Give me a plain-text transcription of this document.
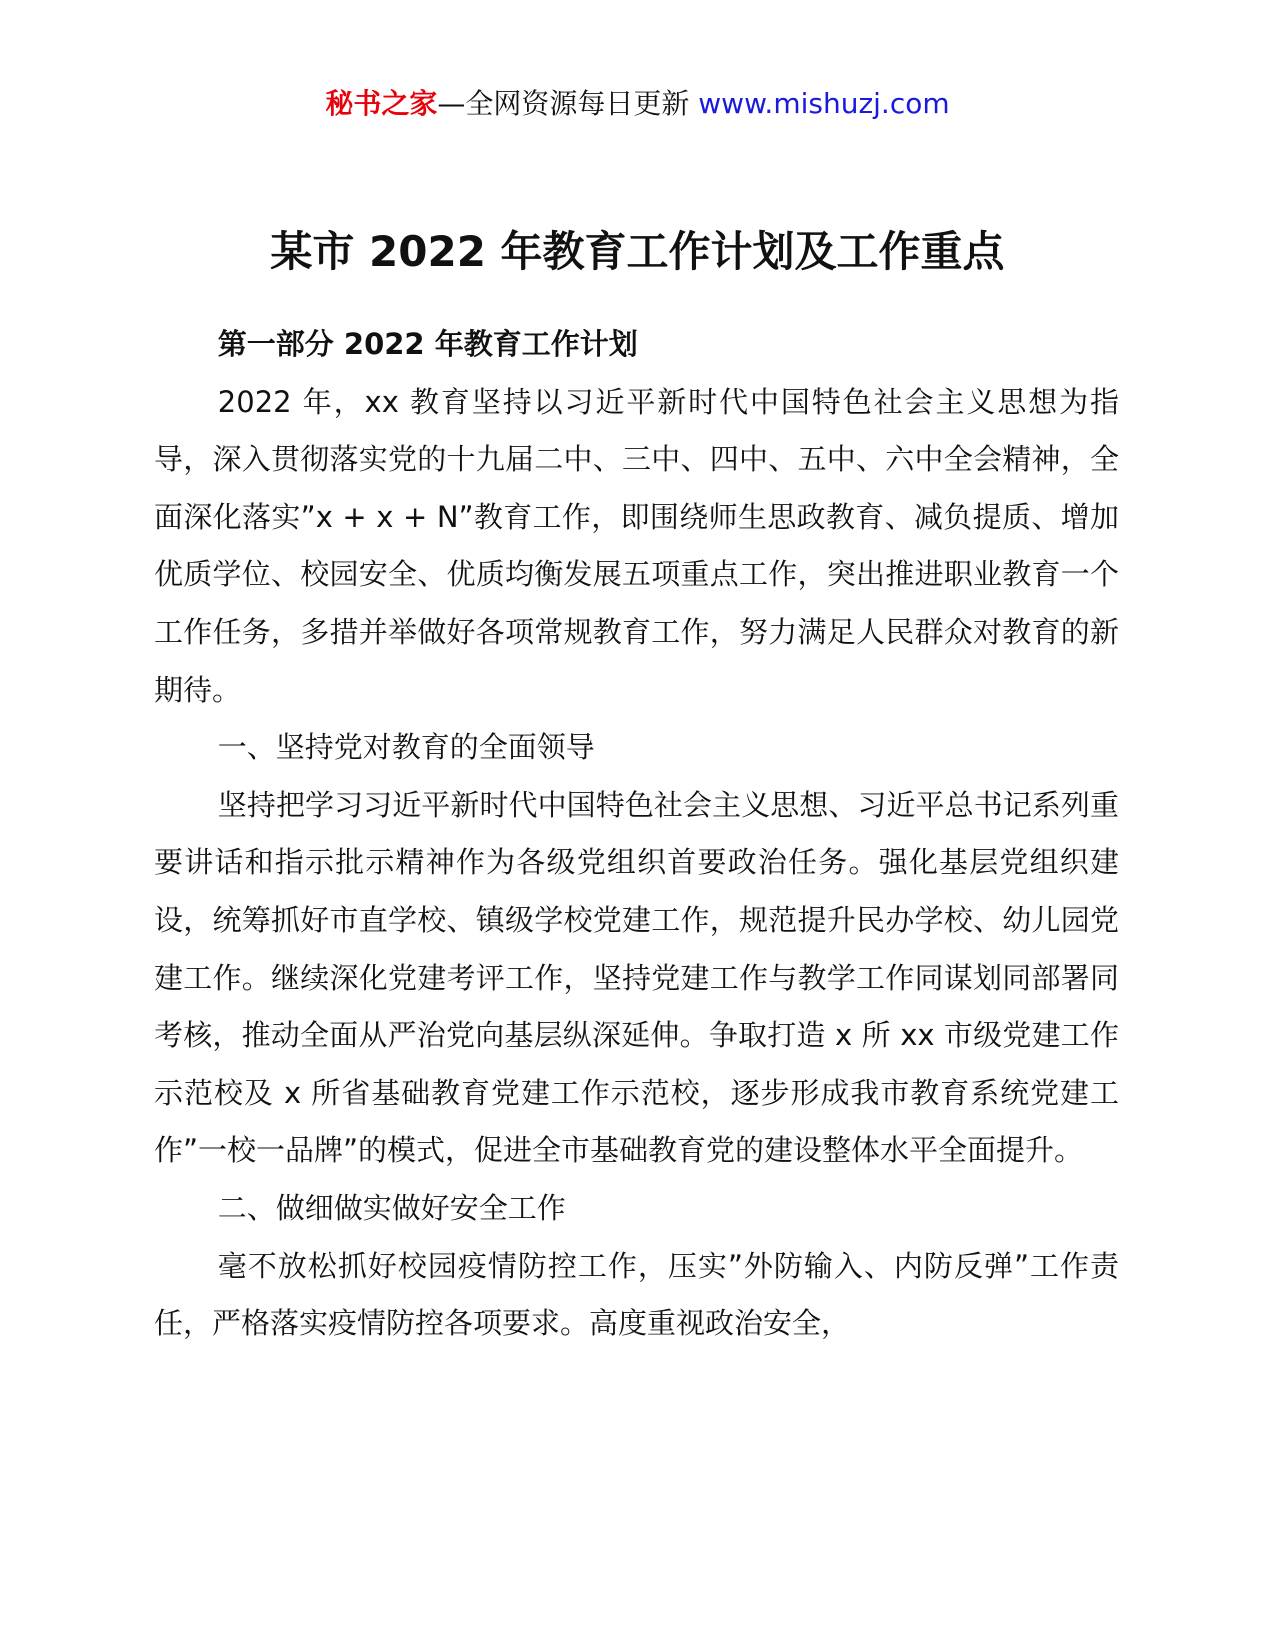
秘书之家—全网资源每日更新 www.mishuzj.com
某市 2022 年教育工作计划及工作重点

第一部分 2022 年教育工作计划

2022 年，xx 教育坚持以习近平新时代中国特色社会主义思想为指导，深入贯彻落实党的十九届二中、三中、四中、五中、六中全会精神，全面深化落实”x + x + N”教育工作，即围绕师生思政教育、减负提质、增加优质学位、校园安全、优质均衡发展五项重点工作，突出推进职业教育一个工作任务，多措并举做好各项常规教育工作，努力满足人民群众对教育的新期待。

一、坚持党对教育的全面领导

坚持把学习习近平新时代中国特色社会主义思想、习近平总书记系列重要讲话和指示批示精神作为各级党组织首要政治任务。强化基层党组织建设，统筹抓好市直学校、镇级学校党建工作，规范提升民办学校、幼儿园党建工作。继续深化党建考评工作，坚持党建工作与教学工作同谋划同部署同考核，推动全面从严治党向基层纵深延伸。争取打造 x 所 xx 市级党建工作示范校及 x 所省基础教育党建工作示范校，逐步形成我市教育系统党建工作”一校一品牌”的模式，促进全市基础教育党的建设整体水平全面提升。

二、做细做实做好安全工作

毫不放松抓好校园疫情防控工作，压实”外防输入、内防反弹”工作责任，严格落实疫情防控各项要求。高度重视政治安全，
